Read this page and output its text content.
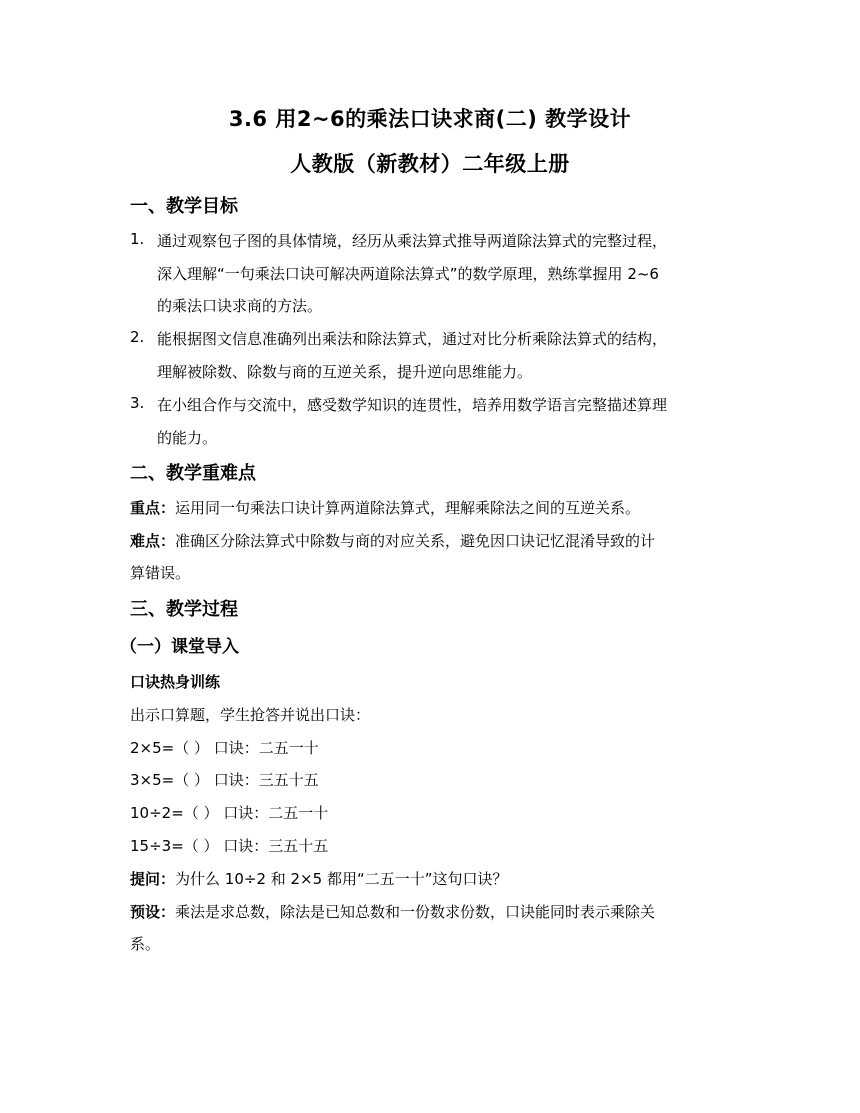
3.6 用2~6的乘法口诀求商(二) 教学设计
人教版（新教材）二年级上册
一、教学目标
1. 通过观察包子图的具体情境，经历从乘法算式推导两道除法算式的完整过程，
深入理解“一句乘法口诀可解决两道除法算式”的数学原理，熟练掌握用 2~6
的乘法口诀求商的方法。
2. 能根据图文信息准确列出乘法和除法算式，通过对比分析乘除法算式的结构，
理解被除数、除数与商的互逆关系，提升逆向思维能力。
3. 在小组合作与交流中，感受数学知识的连贯性，培养用数学语言完整描述算理
的能力。
二、教学重难点
重点：运用同一句乘法口诀计算两道除法算式，理解乘除法之间的互逆关系。
难点：准确区分除法算式中除数与商的对应关系，避免因口诀记忆混淆导致的计
算错误。
三、教学过程
（一）课堂导入
口诀热身训练
出示口算题，学生抢答并说出口诀：
2×5=（ ） 口诀：二五一十
3×5=（ ） 口诀：三五十五
10÷2=（ ） 口诀：二五一十
15÷3=（ ） 口诀：三五十五
提问：为什么 10÷2 和 2×5 都用“二五一十”这句口诀？
预设：乘法是求总数，除法是已知总数和一份数求份数，口诀能同时表示乘除关
系。
